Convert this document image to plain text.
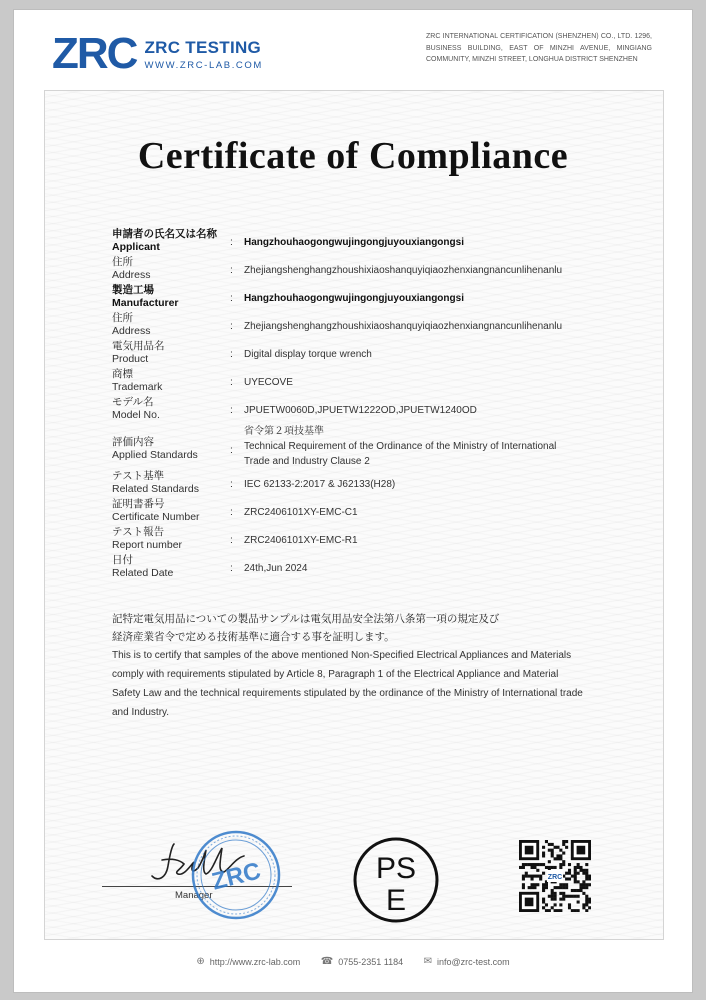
ZRC ZRC TESTING
WWW.ZRC-LAB.COM
ZRC INTERNATIONAL CERTIFICATION (SHENZHEN) CO., LTD. 1296, BUSINESS BUILDING, EAST OF MINZHI AVENUE, MINGIANG COMMUNITY, MINZHI STREET, LONGHUA DISTRICT SHENZHEN
Certificate of Compliance
申請者の氏名又は名称
Applicant	:	Hangzhouhaogongwujingongjuyouxiangongsi
住所
Address	:	Zhejiangshenghangzhoushixiaoshanquyiqiaozhenxiangnancunlihenanlu
製造工場
Manufacturer	:	Hangzhouhaogongwujingongjuyouxiangongsi
住所
Address	:	Zhejiangshenghangzhoushixiaoshanquyiqiaozhenxiangnancunlihenanlu
電気用品名
Product	:	Digital display torque wrench
商標
Trademark	:	UYECOVE
モデル名
Model No.	:	JPUETW0060D,JPUETW1222OD,JPUETW1240OD
評価内容
Applied Standards	:
省令第２項技基準
Technical Requirement of the Ordinance of the Ministry of International
Trade and Industry Clause 2
テスト基準
Related Standards	:	IEC 62133-2:2017 & J62133(H28)
証明書番号
Certificate Number	:	ZRC2406101XY-EMC-C1
テスト報告
Report number	:	ZRC2406101XY-EMC-R1
日付
Related Date	:	24th,Jun 2024
記特定電気用品についての製品サンプルは電気用品安全法第八条第一項の規定及び
経済産業省令で定める技術基準に適合する事を証明します。
This is to certify that samples of the above mentioned Non-Specified Electrical Appliances and Materials
comply with requirements stipulated by Article 8, Paragraph 1 of the Electrical Appliance and Material
Safety Law and the technical requirements stipulated by the ordinance of the Ministry of International trade
and Industry.
Manager
ZRC	PS
E
ZRC
⊕ http://www.zrc-lab.com
☎ 0755-2351 1184
✉ info@zrc-test.com
